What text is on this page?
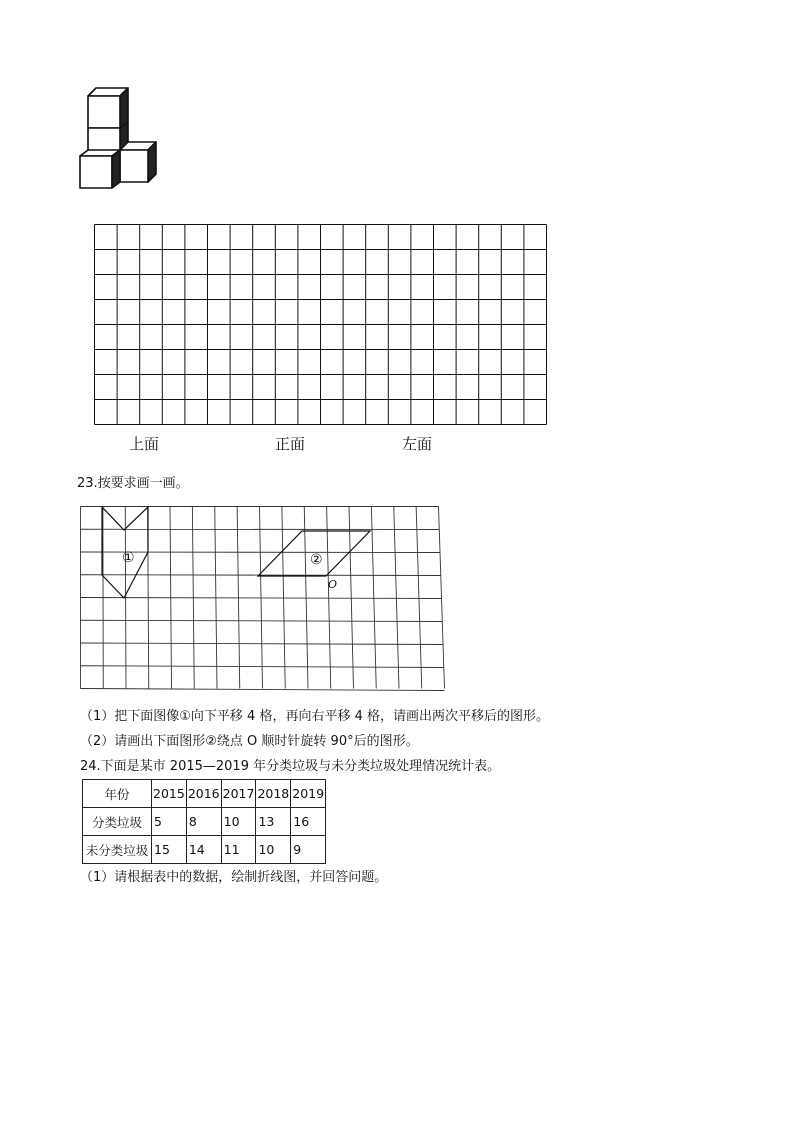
上面	正面	左面
23.按要求画一画。
①	②
O
（1）把下面图像①向下平移 4 格，再向右平移 4 格，请画出两次平移后的图形。
（2）请画出下面图形②绕点 O 顺时针旋转 90°后的图形。
24.下面是某市 2015—2019 年分类垃圾与未分类垃圾处理情况统计表。
年份	2015	2016	2017	2018	2019
分类垃圾	5	8	10	13	16
未分类垃圾	15	14	11	10	9
（1）请根据表中的数据，绘制折线图，并回答问题。
